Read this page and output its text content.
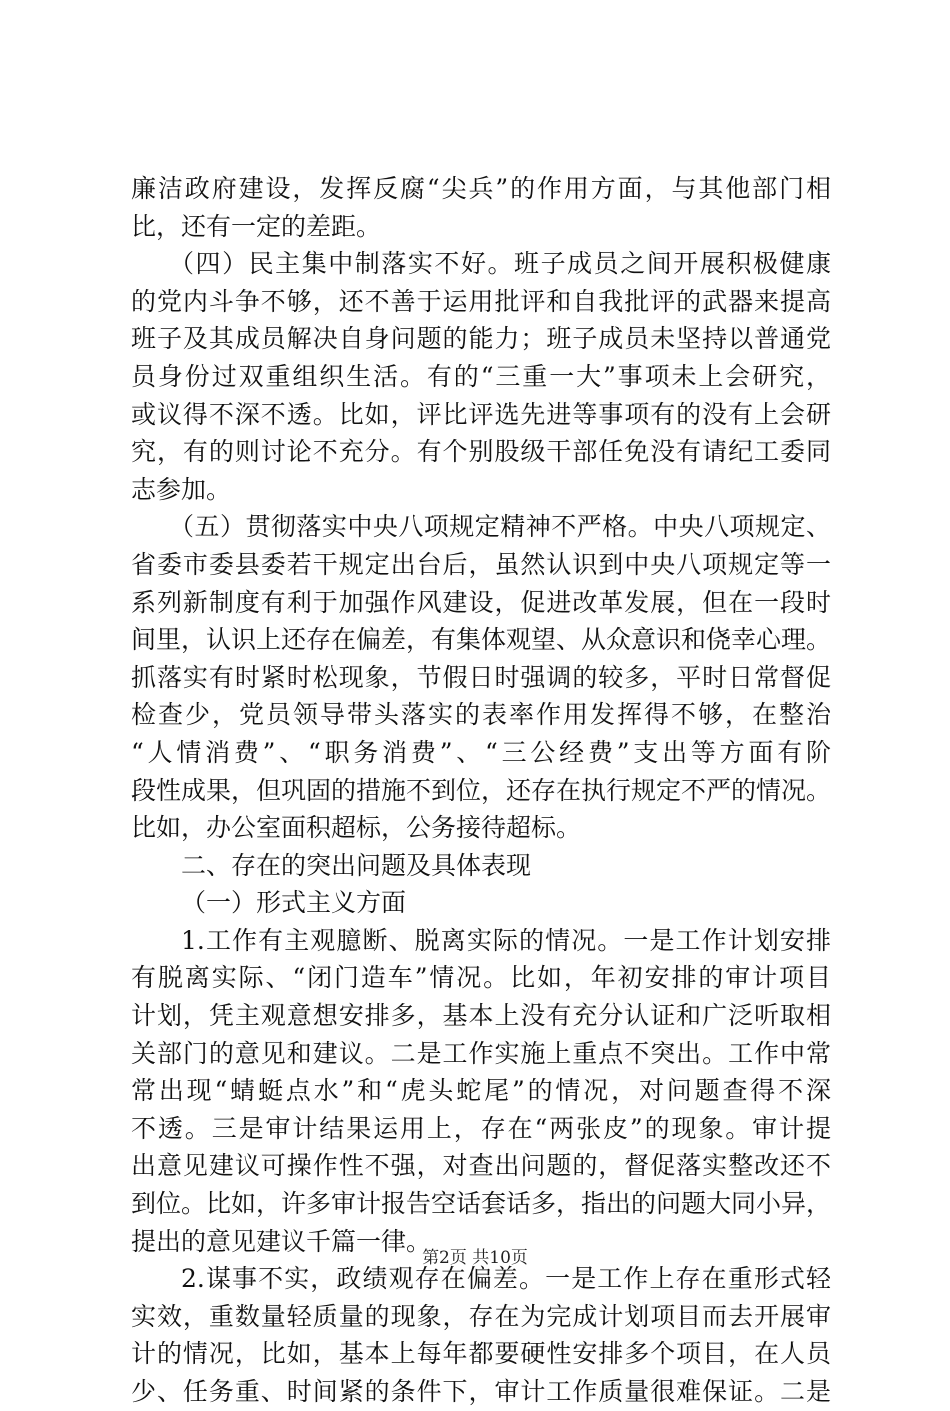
廉洁政府建设，发挥反腐“尖兵”的作用方面，与其他部门相
比，还有一定的差距。
（四）民主集中制落实不好。班子成员之间开展积极健康
的党内斗争不够，还不善于运用批评和自我批评的武器来提高
班子及其成员解决自身问题的能力；班子成员未坚持以普通党
员身份过双重组织生活。有的“三重一大”事项未上会研究，
或议得不深不透。比如，评比评选先进等事项有的没有上会研
究，有的则讨论不充分。有个别股级干部任免没有请纪工委同
志参加。
（五）贯彻落实中央八项规定精神不严格。中央八项规定、
省委市委县委若干规定出台后，虽然认识到中央八项规定等一
系列新制度有利于加强作风建设，促进改革发展，但在一段时
间里，认识上还存在偏差，有集体观望、从众意识和侥幸心理。
抓落实有时紧时松现象，节假日时强调的较多，平时日常督促
检查少，党员领导带头落实的表率作用发挥得不够，在整治
“人情消费”、“职务消费”、“三公经费”支出等方面有阶
段性成果，但巩固的措施不到位，还存在执行规定不严的情况。
比如，办公室面积超标，公务接待超标。
二、存在的突出问题及具体表现
（一）形式主义方面
1.工作有主观臆断、脱离实际的情况。一是工作计划安排
有脱离实际、“闭门造车”情况。比如，年初安排的审计项目
计划，凭主观意想安排多，基本上没有充分认证和广泛听取相
关部门的意见和建议。二是工作实施上重点不突出。工作中常
常出现“蜻蜓点水”和“虎头蛇尾”的情况，对问题查得不深
不透。三是审计结果运用上，存在“两张皮”的现象。审计提
出意见建议可操作性不强，对查出问题的，督促落实整改还不
到位。比如，许多审计报告空话套话多，指出的问题大同小异，
提出的意见建议千篇一律。
2.谋事不实，政绩观存在偏差。一是工作上存在重形式轻
实效，重数量轻质量的现象，存在为完成计划项目而去开展审
计的情况，比如，基本上每年都要硬性安排多个项目，在人员
少、任务重、时间紧的条件下，审计工作质量很难保证。二是
第2页 共10页
